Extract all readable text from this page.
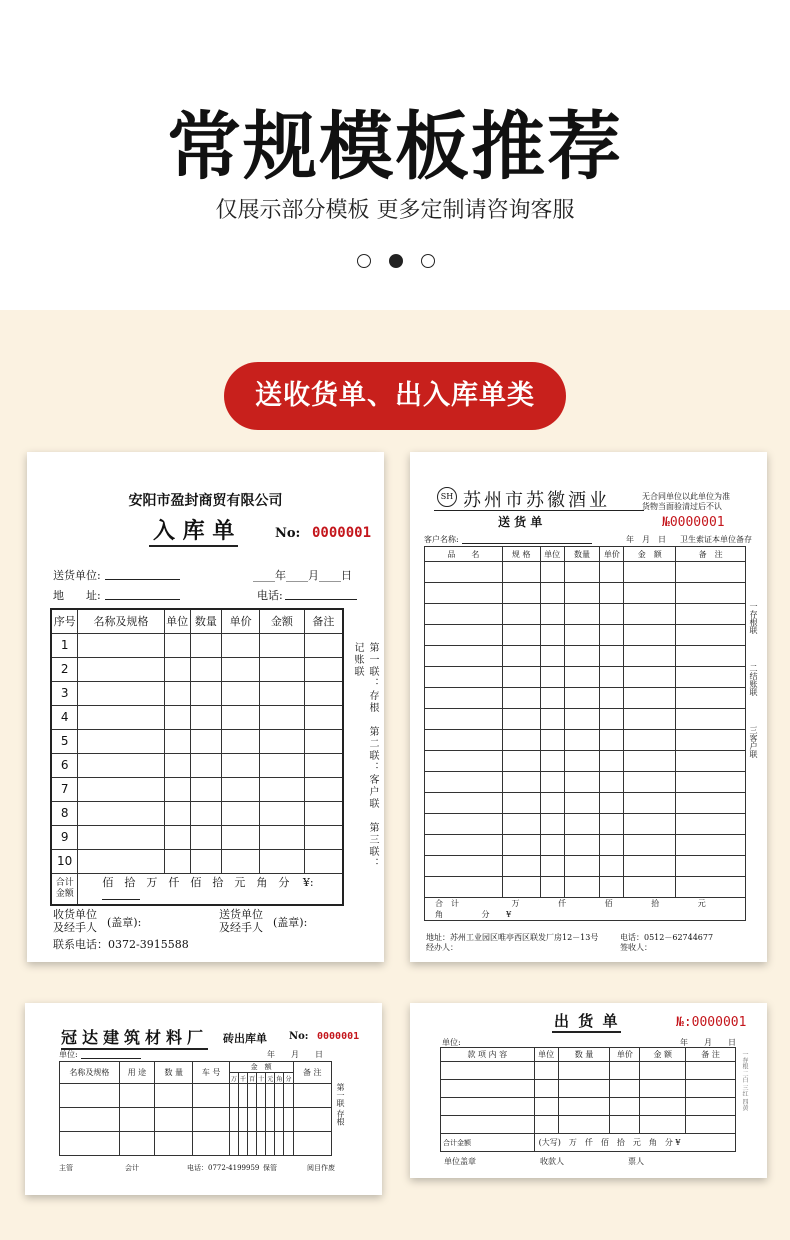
常规模板推荐
仅展示部分模板 更多定制请咨询客服
送收货单、出入库单类
安阳市盈封商贸有限公司
入 库 单	No: 0000001
送货单位:	____年____月____日
地　　址:	电话:
序号	名称及规格	单位	数量	单价	金额	备注
1						
2						
3						
4						
5						
6						
7						
8						
9						
10						
合计金额	佰　拾　万　仟　佰　拾　元　角　分 ¥:					
第一联：存根　第二联：客户联　第三联：记账联
收货单位
及经手人 (盖章):
送货单位
及经手人 (盖章):
联系电话：0372-3915588
SH 苏州市苏徽酒业	无合同单位以此单位为准
货物当面验清过后不认
送 货 单	№0000001
客户名称:	年　月　日 卫生索证本单位备存
品　　名	规 格	单位	数量	单价	金　额	备　注

合　计 万 仟 佰 拾 元 角 分 ¥						
一存根联
二结账联
三客户联
地址：苏州工业园区唯亭西区联发厂房12－13号	电话：0512－62744677
经办人：	签收人：
冠达建筑材料厂 砖出库单 No: 0000001
单位:	年　　月　　日
名称及规格	用 途	数 量	车 号	金　额							备 注
				万	千	百	十	元	角	分	

第一联 存根
主管	会计	电话：0772-4199959 保管	阅目作废
出 货 单	№:0000001
单位:	年　　月　　日
款 项 内 容	单位	数 量	单价	金 额	备 注

合计金额	(大写)　万　仟　佰　拾　元　角　分 ¥				
一存根 二白 三红 四黄
单位盖章	收款人	票人
